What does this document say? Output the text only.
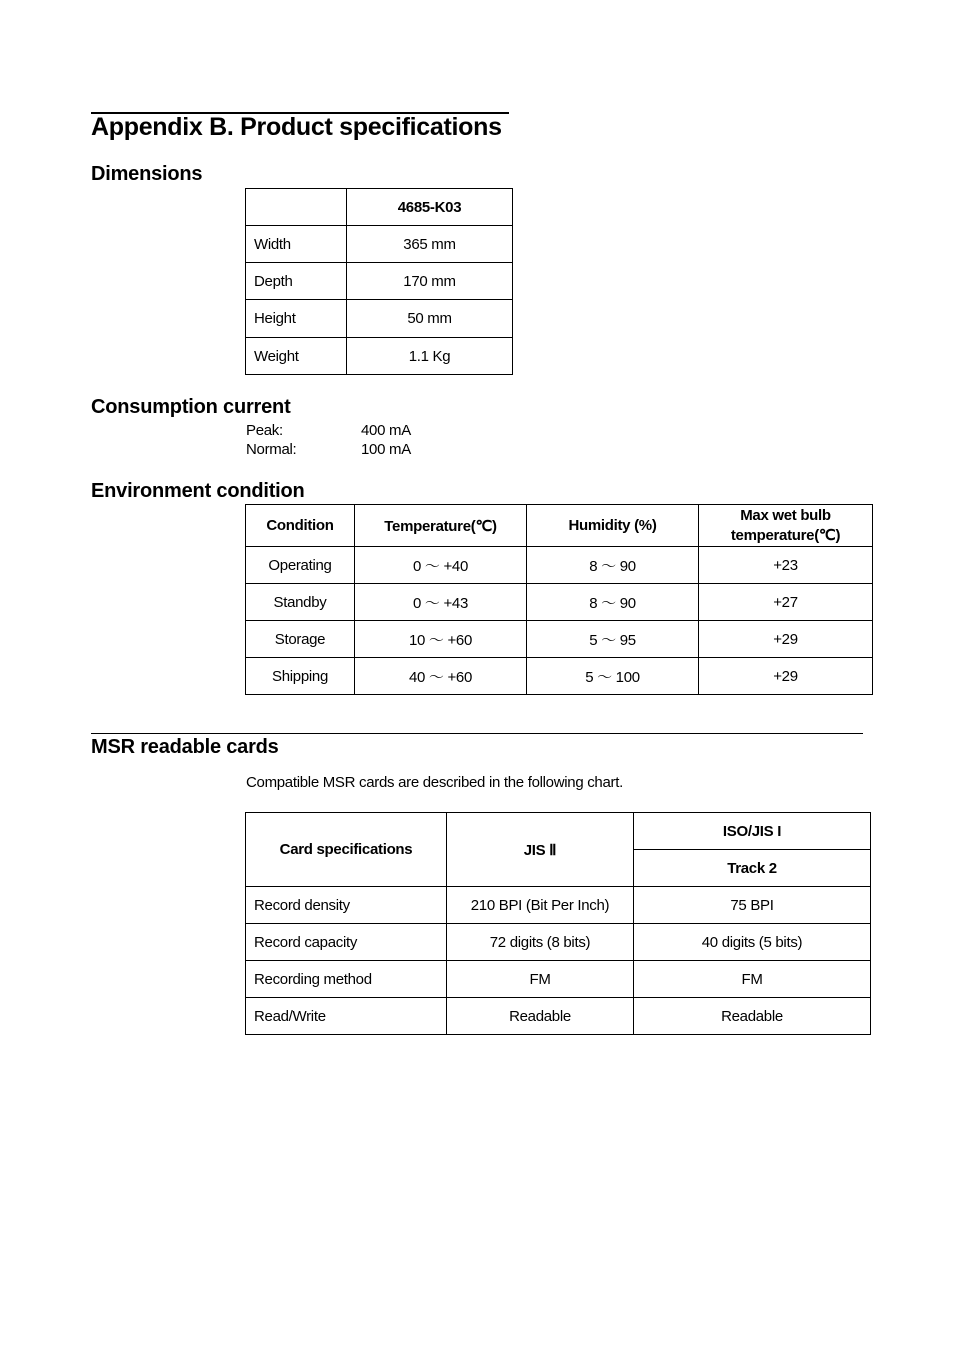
Appendix B. Product specifications
Dimensions
	4685-K03
Width	365 mm
Depth	170 mm
Height	50 mm
Weight	1.1 Kg
Consumption current
Peak:	400 mA
Normal:	100 mA
Environment condition
Condition	Temperature(℃)	Humidity (%)	Max wet bulb temperature(℃)
Operating	0 ～ +40	8 ～ 90	+23
Standby	0 ～ +43	8 ～ 90	+27
Storage	10 ～ +60	5 ～ 95	+29
Shipping	40 ～ +60	5 ～ 100	+29
MSR readable cards
Compatible MSR cards are described in the following chart.
Card specifications	JIS Ⅱ	ISO/JIS I
		Track 2
Record density	210 BPI (Bit Per Inch)	75 BPI
Record capacity	72 digits (8 bits)	40 digits (5 bits)
Recording method	FM	FM
Read/Write	Readable	Readable
